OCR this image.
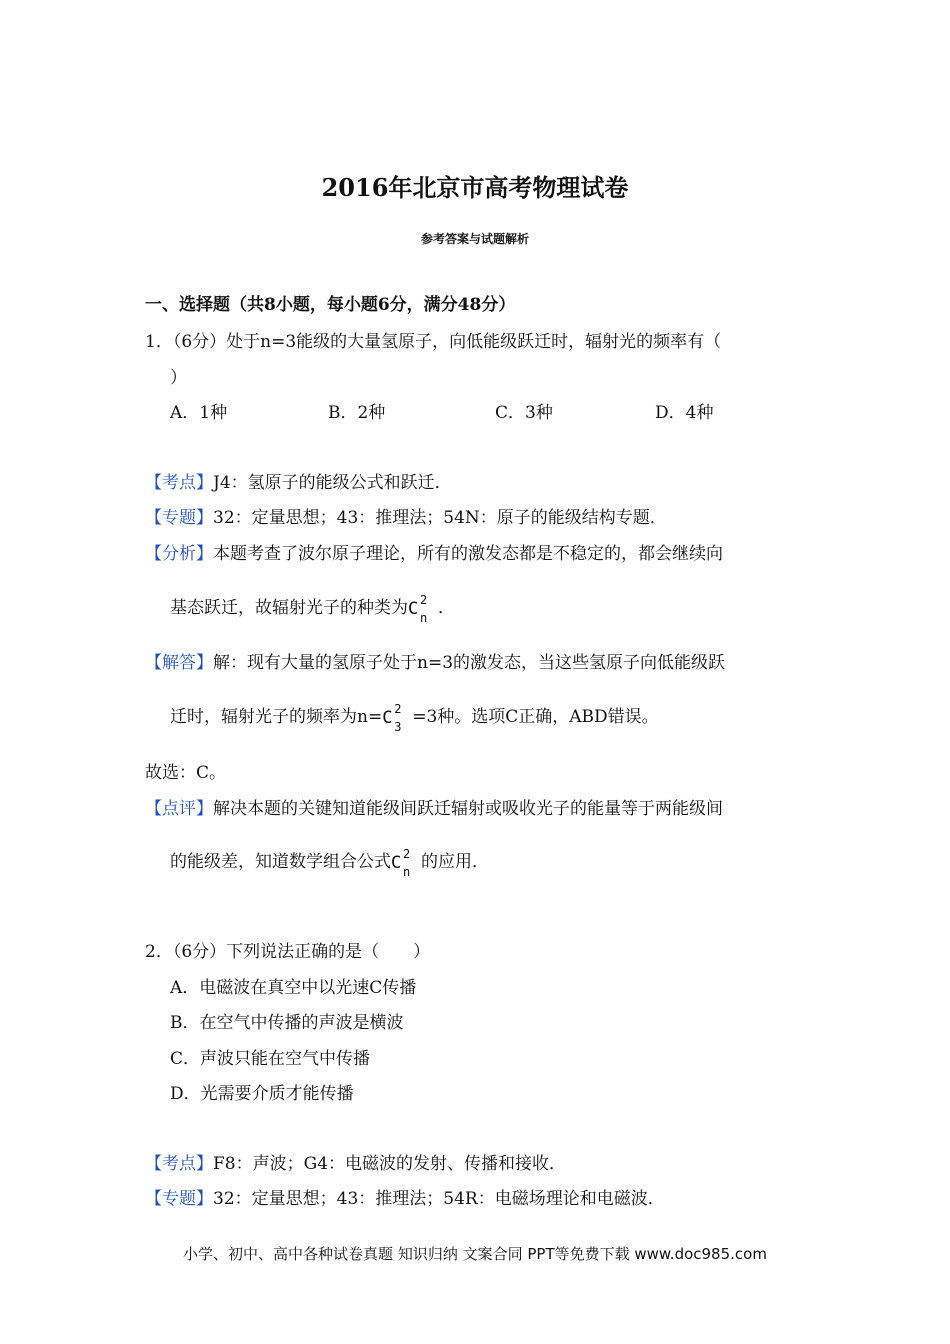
2016年北京市高考物理试卷
参考答案与试题解析
一、选择题（共8小题，每小题6分，满分48分）
1．（6分）处于n=3能级的大量氢原子，向低能级跃迁时，辐射光的频率有（
）
A．1种	B．2种	C．3种	D．4种
【考点】J4：氢原子的能级公式和跃迁．
【专题】32：定量思想；43：推理法；54N：原子的能级结构专题．
【分析】本题考查了波尔原子理论，所有的激发态都是不稳定的，都会继续向
基态跃迁，故辐射光子的种类为 C 2
n ．
【解答】解：现有大量的氢原子处于n=3的激发态，当这些氢原子向低能级跃
迁时，辐射光子的频率为n= C 2
3 =3种。选项C正确，ABD错误。
故选：C。
【点评】解决本题的关键知道能级间跃迁辐射或吸收光子的能量等于两能级间
的能级差，知道数学组合公式 C 2
n 的应用．
2．（6分）下列说法正确的是（　　）
A．电磁波在真空中以光速C传播
B．在空气中传播的声波是横波
C．声波只能在空气中传播
D．光需要介质才能传播
【考点】F8：声波；G4：电磁波的发射、传播和接收．
【专题】32：定量思想；43：推理法；54R：电磁场理论和电磁波．
小学、初中、高中各种试卷真题 知识归纳 文案合同 PPT等免费下载 www.doc985.com
